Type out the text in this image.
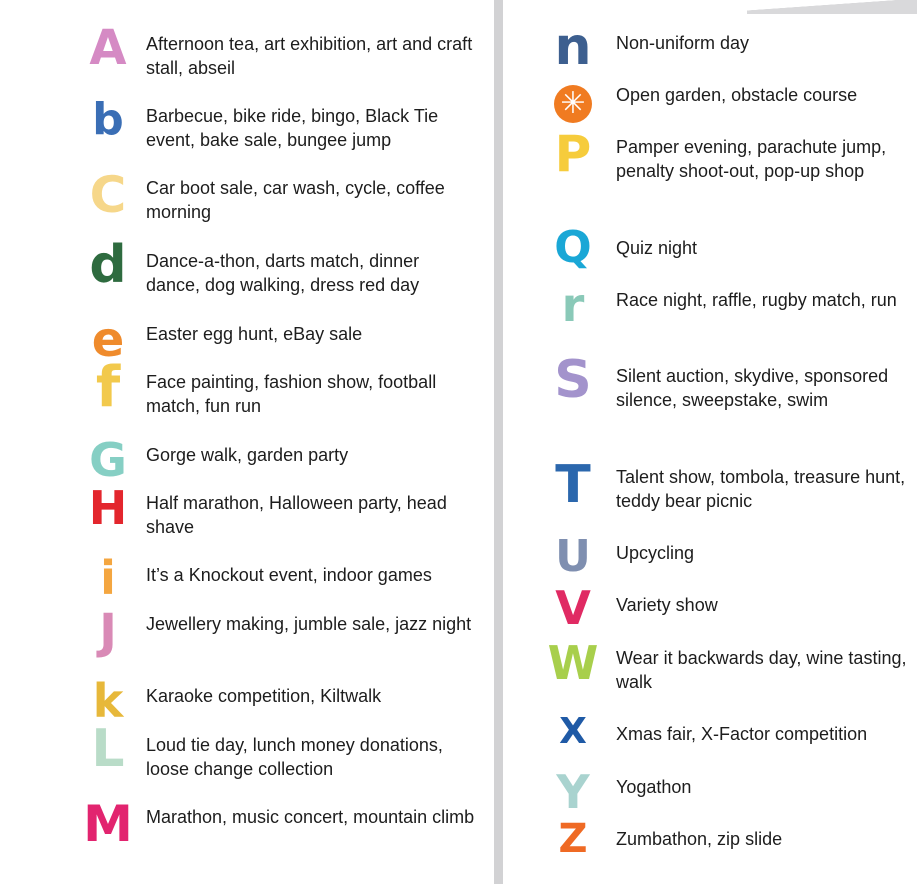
A	Afternoon tea, art exhibition, art and craft stall, abseil
b	Barbecue, bike ride, bingo, Black Tie event, bake sale, bungee jump
C	Car boot sale, car wash, cycle, coffee morning
d	Dance-a-thon, darts match, dinner dance, dog walking, dress red day
e	Easter egg hunt, eBay sale
f	Face painting, fashion show, football match, fun run
G	Gorge walk, garden party
H	Half marathon, Halloween party, head shave
i	It’s a Knockout event, indoor games
J	Jewellery making, jumble sale, jazz night
k	Karaoke competition, Kiltwalk
L	Loud tie day, lunch money donations, loose change collection
M Marathon, music concert, mountain climb
n	Non-uniform day
✳	Open garden, obstacle course
P	Pamper evening, parachute jump, penalty shoot-out, pop-up shop
Q	Quiz night
r	Race night, raffle, rugby match, run
S	Silent auction, skydive, sponsored silence, sweepstake, swim
T	Talent show, tombola, treasure hunt, teddy bear picnic
U	Upcycling
V	Variety show
W Wear it backwards day, wine tasting, walk
X	Xmas fair, X-Factor competition
Y	Yogathon
Z	Zumbathon, zip slide
